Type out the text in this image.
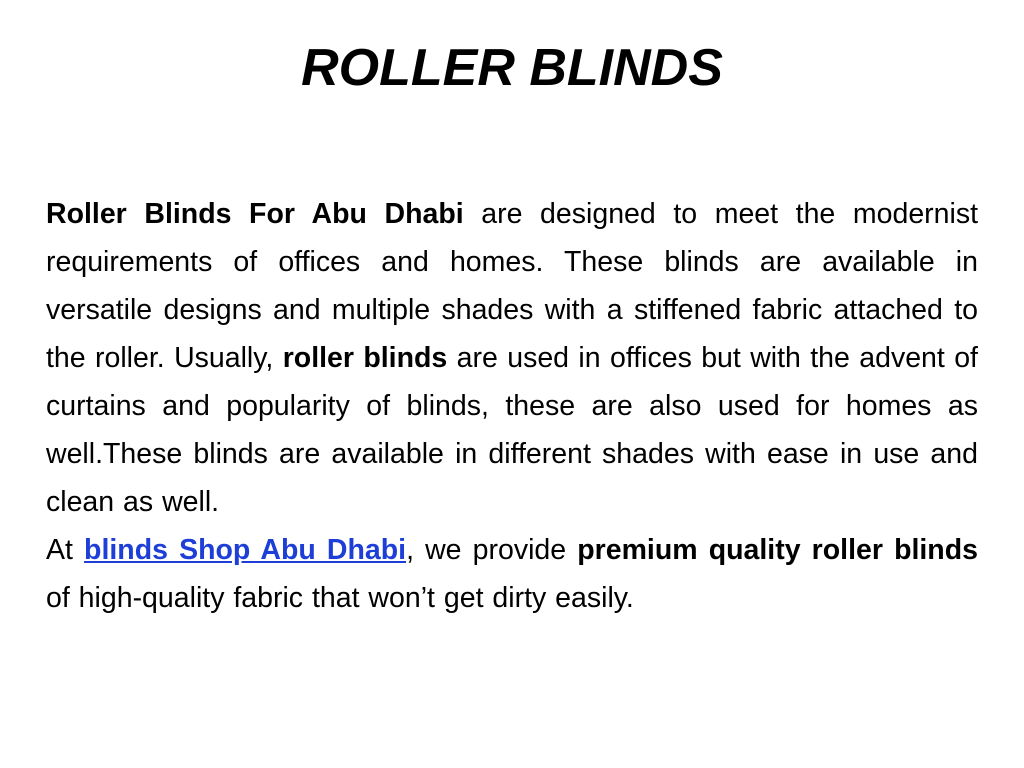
ROLLER BLINDS

Roller Blinds For Abu Dhabi are designed to meet the modernist requirements of offices and homes. These blinds are available in versatile designs and multiple shades with a stiffened fabric attached to the roller. Usually, roller blinds are used in offices but with the advent of curtains and popularity of blinds, these are also used for homes as well.These blinds are available in different shades with ease in use and clean as well.
At blinds Shop Abu Dhabi, we provide premium quality roller blinds of high-quality fabric that won’t get dirty easily.
